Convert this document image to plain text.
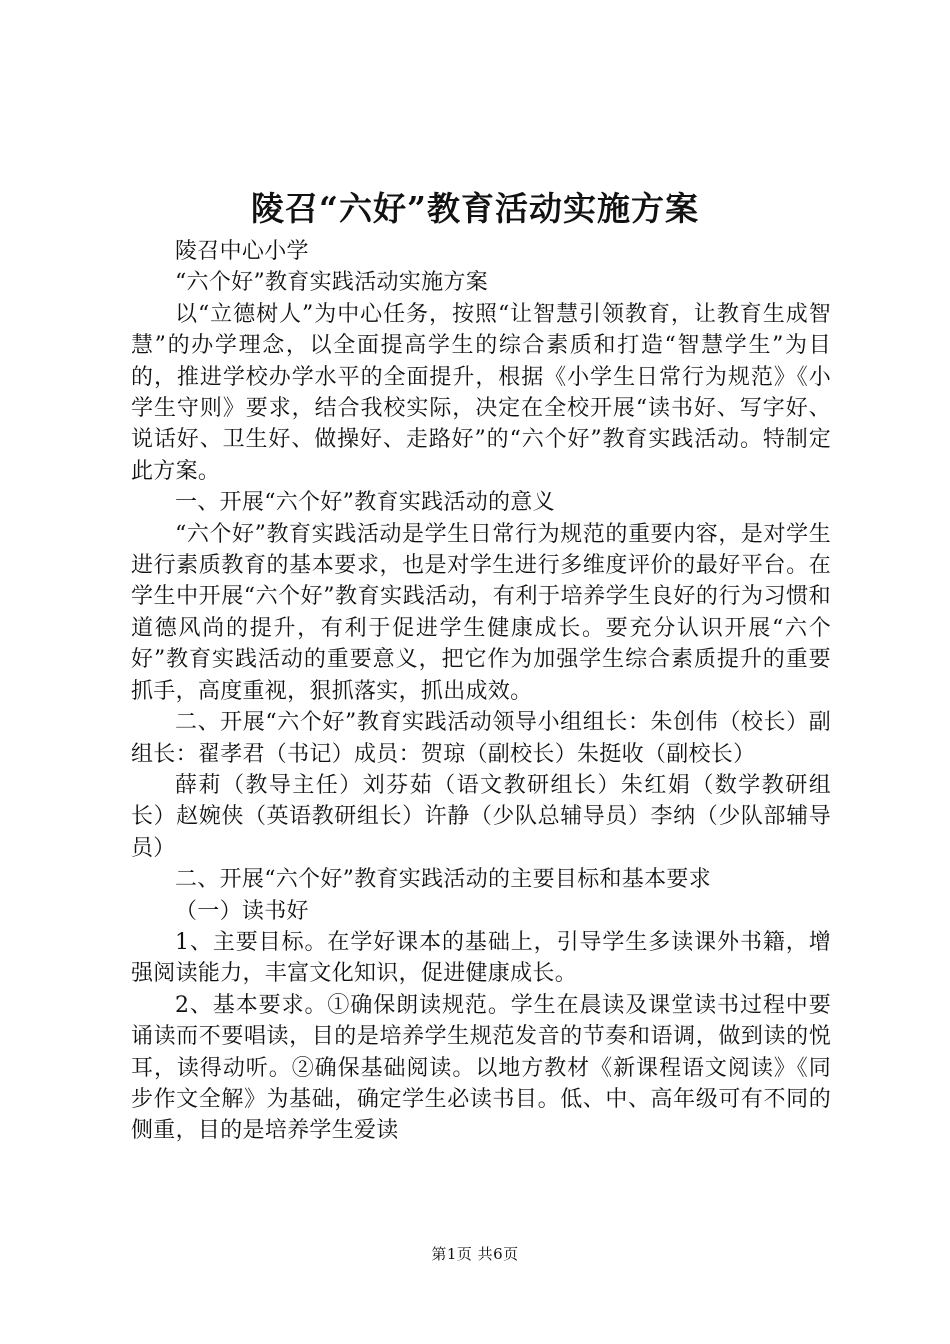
陵召“六好”教育活动实施方案

陵召中心小学

“六个好”教育实践活动实施方案

以“立德树人”为中心任务，按照“让智慧引领教育，让教育生成智慧”的办学理念，以全面提高学生的综合素质和打造“智慧学生”为目的，推进学校办学水平的全面提升，根据《小学生日常行为规范》《小学生守则》要求，结合我校实际，决定在全校开展“读书好、写字好、说话好、卫生好、做操好、走路好”的“六个好”教育实践活动。特制定此方案。

一、开展“六个好”教育实践活动的意义

“六个好”教育实践活动是学生日常行为规范的重要内容，是对学生进行素质教育的基本要求，也是对学生进行多维度评价的最好平台。在学生中开展“六个好”教育实践活动，有利于培养学生良好的行为习惯和道德风尚的提升，有利于促进学生健康成长。要充分认识开展“六个好”教育实践活动的重要意义，把它作为加强学生综合素质提升的重要抓手，高度重视，狠抓落实，抓出成效。

二、开展“六个好”教育实践活动领导小组组长：朱创伟（校长）副组长：翟孝君（书记）成员：贺琼（副校长）朱挺收（副校长）

薛莉（教导主任）刘芬茹（语文教研组长）朱红娟（数学教研组长）赵婉侠（英语教研组长）许静（少队总辅导员）李纳（少队部辅导员）

二、开展“六个好”教育实践活动的主要目标和基本要求

（一）读书好

1、主要目标。在学好课本的基础上，引导学生多读课外书籍，增强阅读能力，丰富文化知识，促进健康成长。

2、基本要求。①确保朗读规范。学生在晨读及课堂读书过程中要诵读而不要唱读，目的是培养学生规范发音的节奏和语调，做到读的悦耳，读得动听。②确保基础阅读。以地方教材《新课程语文阅读》《同步作文全解》为基础，确定学生必读书目。低、中、高年级可有不同的侧重，目的是培养学生爱读

第1页 共6页
